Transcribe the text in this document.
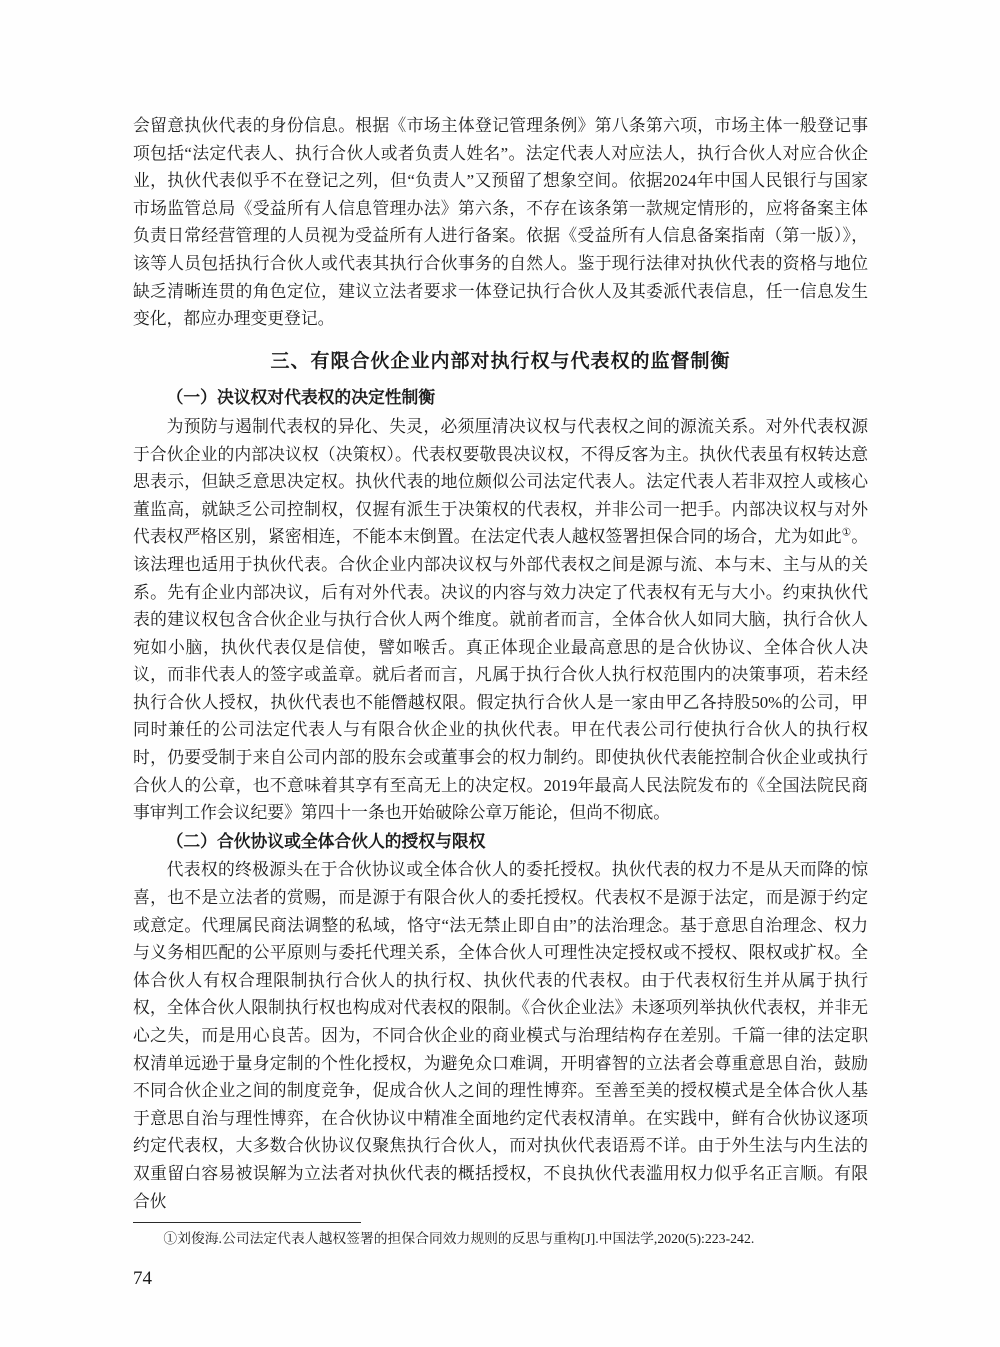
会留意执伙代表的身份信息。根据《市场主体登记管理条例》第八条第六项，市场主体一般登记事项包括“法定代表人、执行合伙人或者负责人姓名”。法定代表人对应法人，执行合伙人对应合伙企业，执伙代表似乎不在登记之列，但“负责人”又预留了想象空间。依据2024年中国人民银行与国家市场监管总局《受益所有人信息管理办法》第六条，不存在该条第一款规定情形的，应将备案主体负责日常经营管理的人员视为受益所有人进行备案。依据《受益所有人信息备案指南（第一版）》，该等人员包括执行合伙人或代表其执行合伙事务的自然人。鉴于现行法律对执伙代表的资格与地位缺乏清晰连贯的角色定位，建议立法者要求一体登记执行合伙人及其委派代表信息，任一信息发生变化，都应办理变更登记。

三、有限合伙企业内部对执行权与代表权的监督制衡
（一）决议权对代表权的决定性制衡

为预防与遏制代表权的异化、失灵，必须厘清决议权与代表权之间的源流关系。对外代表权源于合伙企业的内部决议权（决策权）。代表权要敬畏决议权，不得反客为主。执伙代表虽有权转达意思表示，但缺乏意思决定权。执伙代表的地位颇似公司法定代表人。法定代表人若非双控人或核心董监高，就缺乏公司控制权，仅握有派生于决策权的代表权，并非公司一把手。内部决议权与对外代表权严格区别，紧密相连，不能本末倒置。在法定代表人越权签署担保合同的场合，尤为如此①。该法理也适用于执伙代表。合伙企业内部决议权与外部代表权之间是源与流、本与末、主与从的关系。先有企业内部决议，后有对外代表。决议的内容与效力决定了代表权有无与大小。约束执伙代表的建议权包含合伙企业与执行合伙人两个维度。就前者而言，全体合伙人如同大脑，执行合伙人宛如小脑，执伙代表仅是信使，譬如喉舌。真正体现企业最高意思的是合伙协议、全体合伙人决议，而非代表人的签字或盖章。就后者而言，凡属于执行合伙人执行权范围内的决策事项，若未经执行合伙人授权，执伙代表也不能僭越权限。假定执行合伙人是一家由甲乙各持股50%的公司，甲同时兼任的公司法定代表人与有限合伙企业的执伙代表。甲在代表公司行使执行合伙人的执行权时，仍要受制于来自公司内部的股东会或董事会的权力制约。即使执伙代表能控制合伙企业或执行合伙人的公章，也不意味着其享有至高无上的决定权。2019年最高人民法院发布的《全国法院民商事审判工作会议纪要》第四十一条也开始破除公章万能论，但尚不彻底。

（二）合伙协议或全体合伙人的授权与限权

代表权的终极源头在于合伙协议或全体合伙人的委托授权。执伙代表的权力不是从天而降的惊喜，也不是立法者的赏赐，而是源于有限合伙人的委托授权。代表权不是源于法定，而是源于约定或意定。代理属民商法调整的私域，恪守“法无禁止即自由”的法治理念。基于意思自治理念、权力与义务相匹配的公平原则与委托代理关系，全体合伙人可理性决定授权或不授权、限权或扩权。全体合伙人有权合理限制执行合伙人的执行权、执伙代表的代表权。由于代表权衍生并从属于执行权，全体合伙人限制执行权也构成对代表权的限制。《合伙企业法》未逐项列举执伙代表权，并非无心之失，而是用心良苦。因为，不同合伙企业的商业模式与治理结构存在差别。千篇一律的法定职权清单远逊于量身定制的个性化授权，为避免众口难调，开明睿智的立法者会尊重意思自治，鼓励不同合伙企业之间的制度竞争，促成合伙人之间的理性博弈。至善至美的授权模式是全体合伙人基于意思自治与理性博弈，在合伙协议中精准全面地约定代表权清单。在实践中，鲜有合伙协议逐项约定代表权，大多数合伙协议仅聚焦执行合伙人，而对执伙代表语焉不详。由于外生法与内生法的双重留白容易被误解为立法者对执伙代表的概括授权，不良执伙代表滥用权力似乎名正言顺。有限合伙

①刘俊海.公司法定代表人越权签署的担保合同效力规则的反思与重构[J].中国法学,2020(5):223-242.
74
